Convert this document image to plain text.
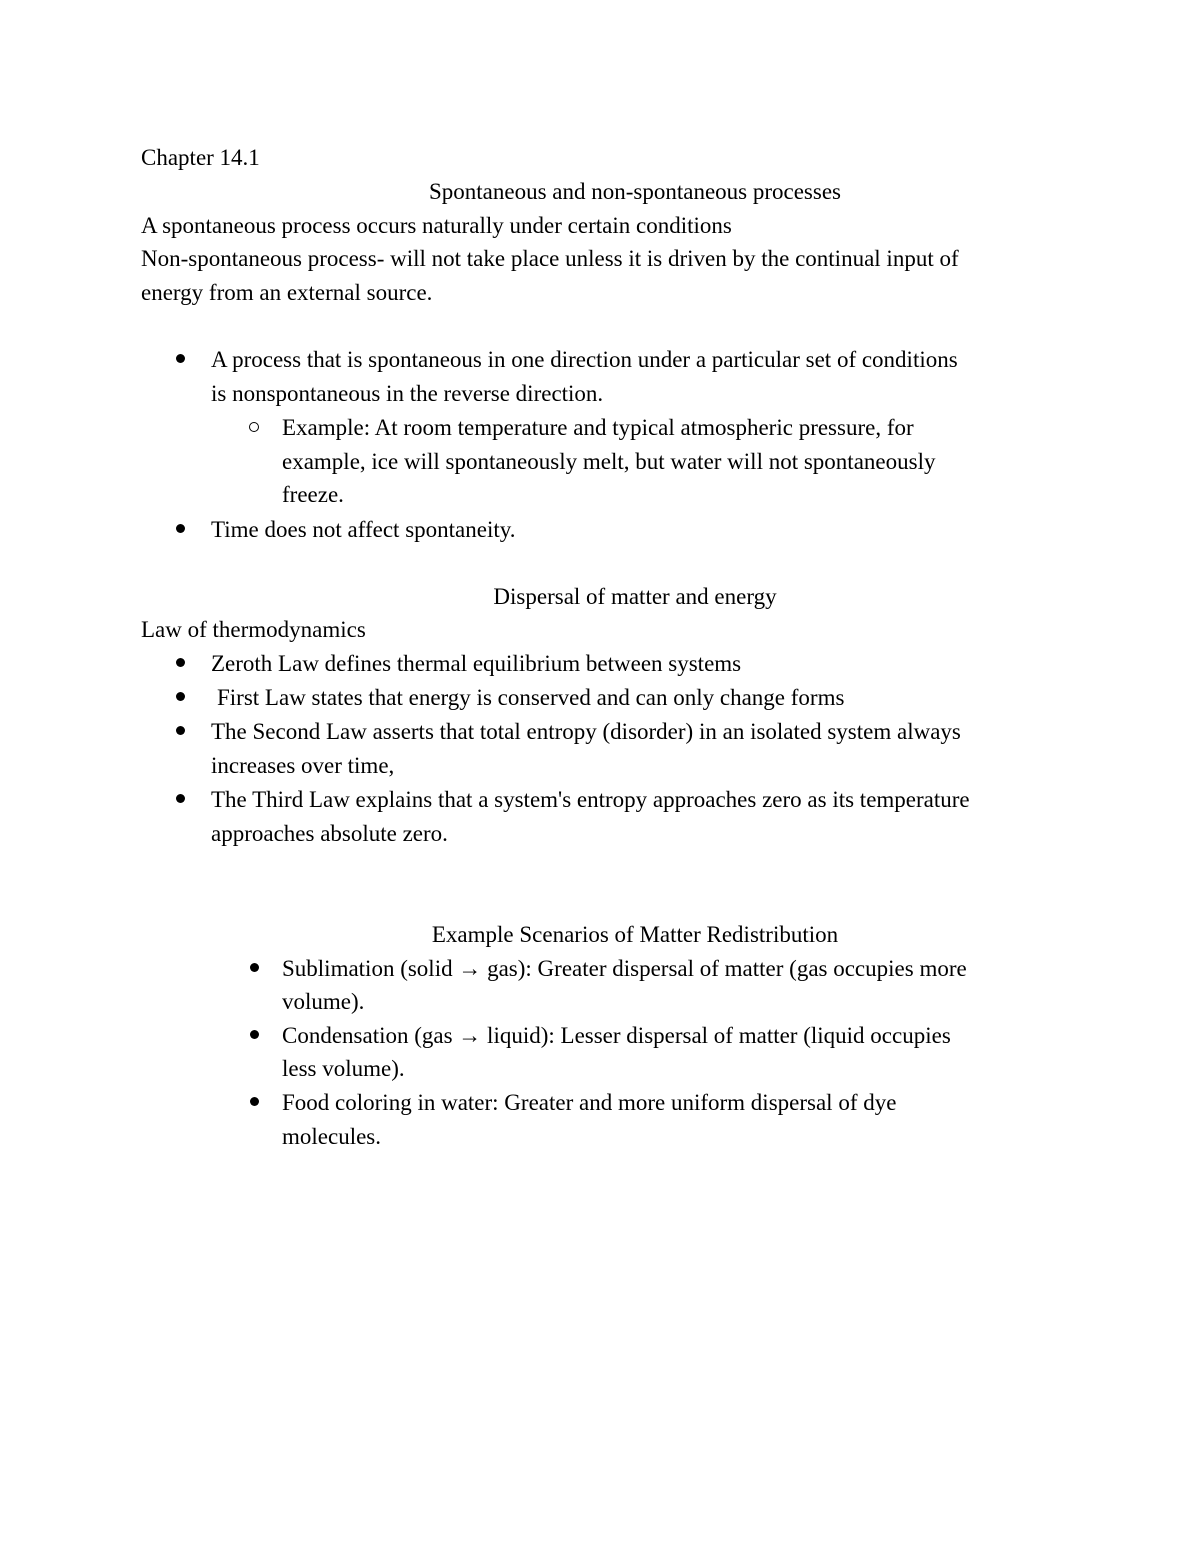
Chapter 14.1
Spontaneous and non-spontaneous processes
A spontaneous process occurs naturally under certain conditions
Non-spontaneous process- will not take place unless it is driven by the continual input of
energy from an external source.
A process that is spontaneous in one direction under a particular set of conditions
is nonspontaneous in the reverse direction.
Example: At room temperature and typical atmospheric pressure, for
example, ice will spontaneously melt, but water will not spontaneously
freeze.
Time does not affect spontaneity.
Dispersal of matter and energy
Law of thermodynamics
Zeroth Law defines thermal equilibrium between systems
First Law states that energy is conserved and can only change forms
The Second Law asserts that total entropy (disorder) in an isolated system always
increases over time,
The Third Law explains that a system's entropy approaches zero as its temperature
approaches absolute zero.
Example Scenarios of Matter Redistribution
Sublimation (solid → gas): Greater dispersal of matter (gas occupies more
volume).
Condensation (gas → liquid): Lesser dispersal of matter (liquid occupies
less volume).
Food coloring in water: Greater and more uniform dispersal of dye
molecules.
